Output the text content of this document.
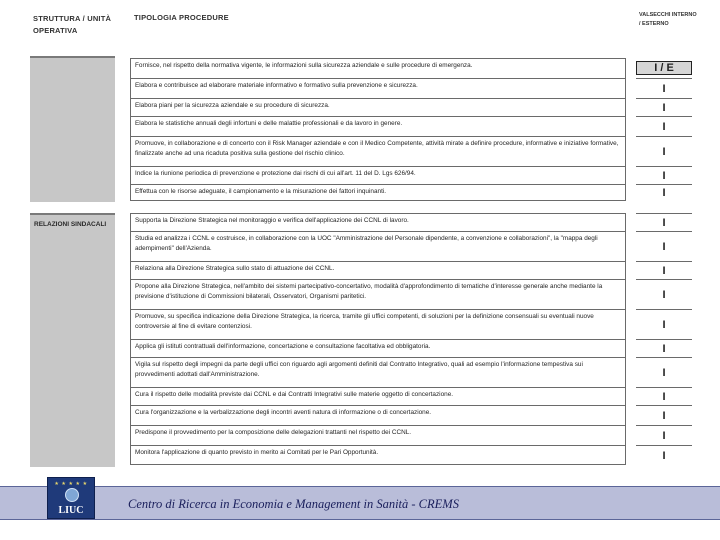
STRUTTURA / UNITÀ OPERATIVA
TIPOLOGIA PROCEDURE	VALSECCHI INTERNO / ESTERNO
Fornisce, nel rispetto della normativa vigente, le informazioni sulla sicurezza aziendale e sulle procedure di emergenza.	I / E
Elabora e contribuisce ad elaborare materiale informativo e formativo sulla prevenzione e sicurezza.	I
Elabora piani per la sicurezza aziendale e su procedure di sicurezza.	I
Elabora le statistiche annuali degli infortuni e delle malattie professionali e da lavoro in genere.	I
Promuove, in collaborazione e di concerto con il Risk Manager aziendale e con il Medico Competente, attività mirate a definire procedure, informative e iniziative formative, finalizzate anche ad una ricaduta positiva sulla gestione del rischio clinico.	I
Indice la riunione periodica di prevenzione e protezione dai rischi di cui all'art. 11 del D. Lgs 626/94.	I
Effettua con le risorse adeguate, il campionamento e la misurazione dei fattori inquinanti.	I
RELAZIONI SINDACALI
Supporta la Direzione Strategica nel monitoraggio e verifica dell'applicazione dei CCNL di lavoro.	I
Studia ed analizza i CCNL e costruisce, in collaborazione con la UOC "Amministrazione del Personale dipendente, a convenzione e collaborazioni", la "mappa degli adempimenti" dell'Azienda.	I
Relaziona alla Direzione Strategica sullo stato di attuazione dei CCNL.	I
Propone alla Direzione Strategica, nell'ambito dei sistemi partecipativo-concertativo, modalità d'approfondimento di tematiche d'interesse generale anche mediante la previsione d'istituzione di Commissioni bilaterali, Osservatori, Organismi paritetici.	I
Promuove, su specifica indicazione della Direzione Strategica, la ricerca, tramite gli uffici competenti, di soluzioni per la definizione consensuali su eventuali nuove controversie al fine di evitare contenziosi.	I
Applica gli istituti contrattuali dell'informazione, concertazione e consultazione facoltativa ed obbligatoria.	I
Vigila sul rispetto degli impegni da parte degli uffici con riguardo agli argomenti definiti dal Contratto Integrativo, quali ad esempio l'informazione tempestiva sui provvedimenti adottati dall'Amministrazione.	I
Cura il rispetto delle modalità previste dai CCNL e dai Contratti Integrativi sulle materie oggetto di concertazione.	I
Cura l'organizzazione e la verbalizzazione degli incontri aventi natura di informazione o di concertazione.	I
Predispone il provvedimento per la composizione delle delegazioni trattanti nel rispetto dei CCNL.	I
Monitora l'applicazione di quanto previsto in merito ai Comitati per le Pari Opportunità.	I
Centro di Ricerca in Economia e Management in Sanità - CREMS
★ ★ ★ ★ ★
LIUC
